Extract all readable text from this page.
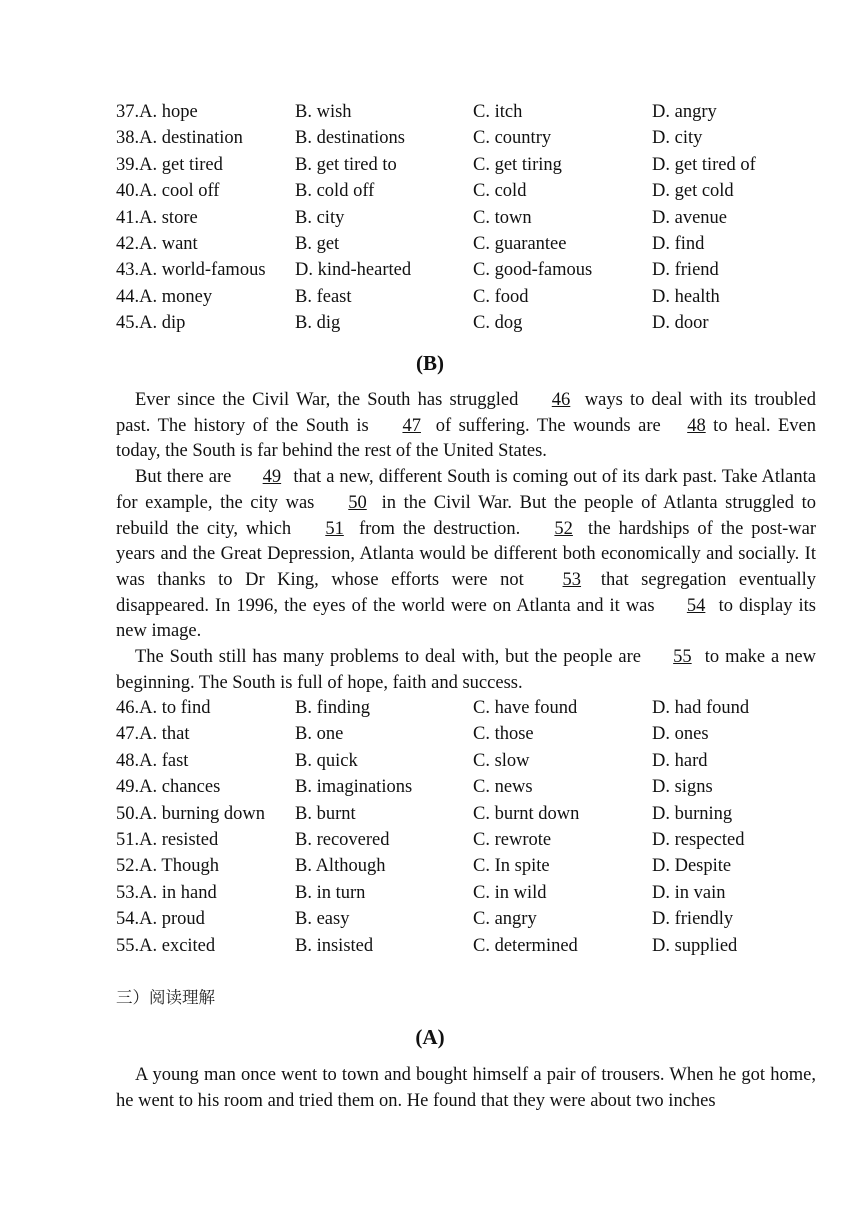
37.A. hope	B. wish	C. itch	D. angry
38.A. destination	B. destinations	C. country	D. city
39.A. get tired	B. get tired to	C. get tiring	D. get tired of
40.A. cool off	B. cold off	C. cold	D. get cold
41.A. store	B. city	C. town	D. avenue
42.A. want	B. get	C. guarantee	D. find
43.A. world-famous	D. kind-hearted	C. good-famous	D. friend
44.A. money	B. feast	C. food	D. health
45.A. dip	B. dig	C. dog	D. door
(B)

Ever since the Civil War, the South has struggled 46 ways to deal with its troubled past. The history of the South is 47 of suffering. The wounds are 48 to heal. Even today, the South is far behind the rest of the United States.

But there are 49 that a new, different South is coming out of its dark past. Take Atlanta for example, the city was 50 in the Civil War. But the people of Atlanta struggled to rebuild the city, which 51 from the destruction. 52 the hardships of the post-war years and the Great Depression, Atlanta would be different both economically and socially. It was thanks to Dr King, whose efforts were not 53 that segregation eventually disappeared. In 1996, the eyes of the world were on Atlanta and it was 54 to display its new image.

The South still has many problems to deal with, but the people are 55 to make a new beginning. The South is full of hope, faith and success.

46.A. to find	B. finding	C. have found	D. had found
47.A. that	B. one	C. those	D. ones
48.A. fast	B. quick	C. slow	D. hard
49.A. chances	B. imaginations	C. news	D. signs
50.A. burning down	B. burnt	C. burnt down	D. burning
51.A. resisted	B. recovered	C. rewrote	D. respected
52.A. Though	B. Although	C. In spite	D. Despite
53.A. in hand	B. in turn	C. in wild	D. in vain
54.A. proud	B. easy	C. angry	D. friendly
55.A. excited	B. insisted	C. determined	D. supplied
三）阅读理解
(A)

A young man once went to town and bought himself a pair of trousers. When he got home, he went to his room and tried them on. He found that they were about two inches
